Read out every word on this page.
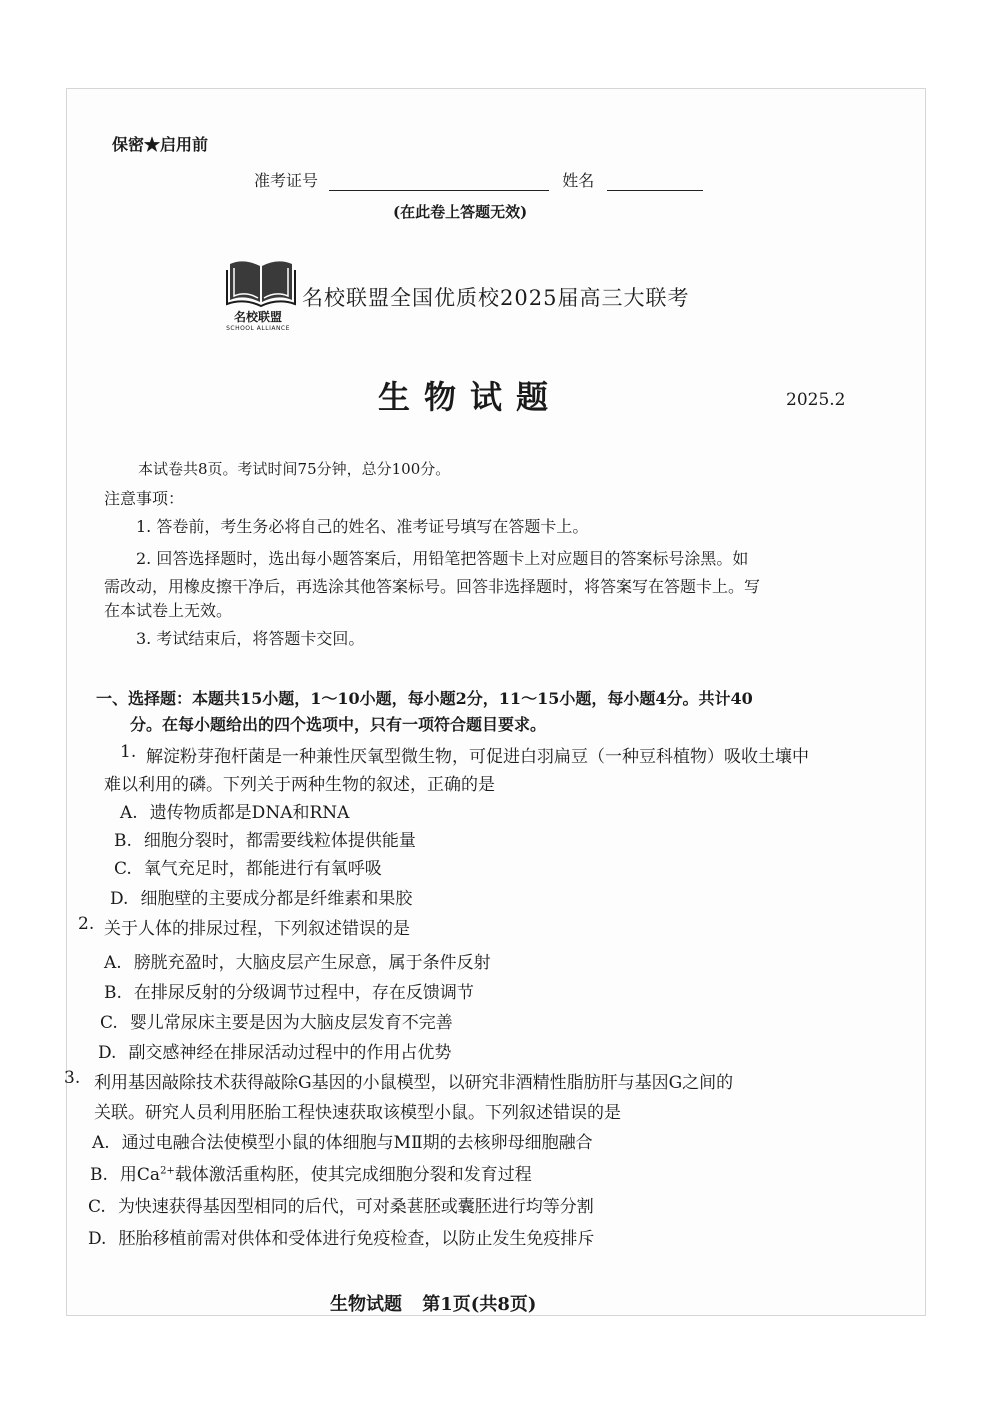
保密★启用前
准考证号	姓名
(在此卷上答题无效)
名校联盟
SCHOOL ALLIANCE
名校联盟全国优质校2025届高三大联考
生物试题	2025.2
本试卷共8页。考试时间75分钟，总分100分。
注意事项：
1. 答卷前，考生务必将自己的姓名、准考证号填写在答题卡上。
2. 回答选择题时，选出每小题答案后，用铅笔把答题卡上对应题目的答案标号涂黑。如
需改动，用橡皮擦干净后，再选涂其他答案标号。回答非选择题时，将答案写在答题卡上。写
在本试卷上无效。
3. 考试结束后，将答题卡交回。
一、选择题：本题共15小题，1～10小题，每小题2分，11～15小题，每小题4分。共计40
分。在每小题给出的四个选项中，只有一项符合题目要求。
1. 解淀粉芽孢杆菌是一种兼性厌氧型微生物，可促进白羽扁豆（一种豆科植物）吸收土壤中
难以利用的磷。下列关于两种生物的叙述，正确的是
A. 遗传物质都是DNA和RNA
B. 细胞分裂时，都需要线粒体提供能量
C. 氧气充足时，都能进行有氧呼吸
D. 细胞壁的主要成分都是纤维素和果胶
2. 关于人体的排尿过程，下列叙述错误的是
A. 膀胱充盈时，大脑皮层产生尿意，属于条件反射
B. 在排尿反射的分级调节过程中，存在反馈调节
C. 婴儿常尿床主要是因为大脑皮层发育不完善
D. 副交感神经在排尿活动过程中的作用占优势
3. 利用基因敲除技术获得敲除G基因的小鼠模型，以研究非酒精性脂肪肝与基因G之间的
关联。研究人员利用胚胎工程快速获取该模型小鼠。下列叙述错误的是
A. 通过电融合法使模型小鼠的体细胞与MⅡ期的去核卵母细胞融合
B. 用$Ca^{2+}$载体激活重构胚，使其完成细胞分裂和发育过程
C. 为快速获得基因型相同的后代，可对桑葚胚或囊胚进行均等分割
D. 胚胎移植前需对供体和受体进行免疫检查，以防止发生免疫排斥
生物试题 第1页(共8页)
